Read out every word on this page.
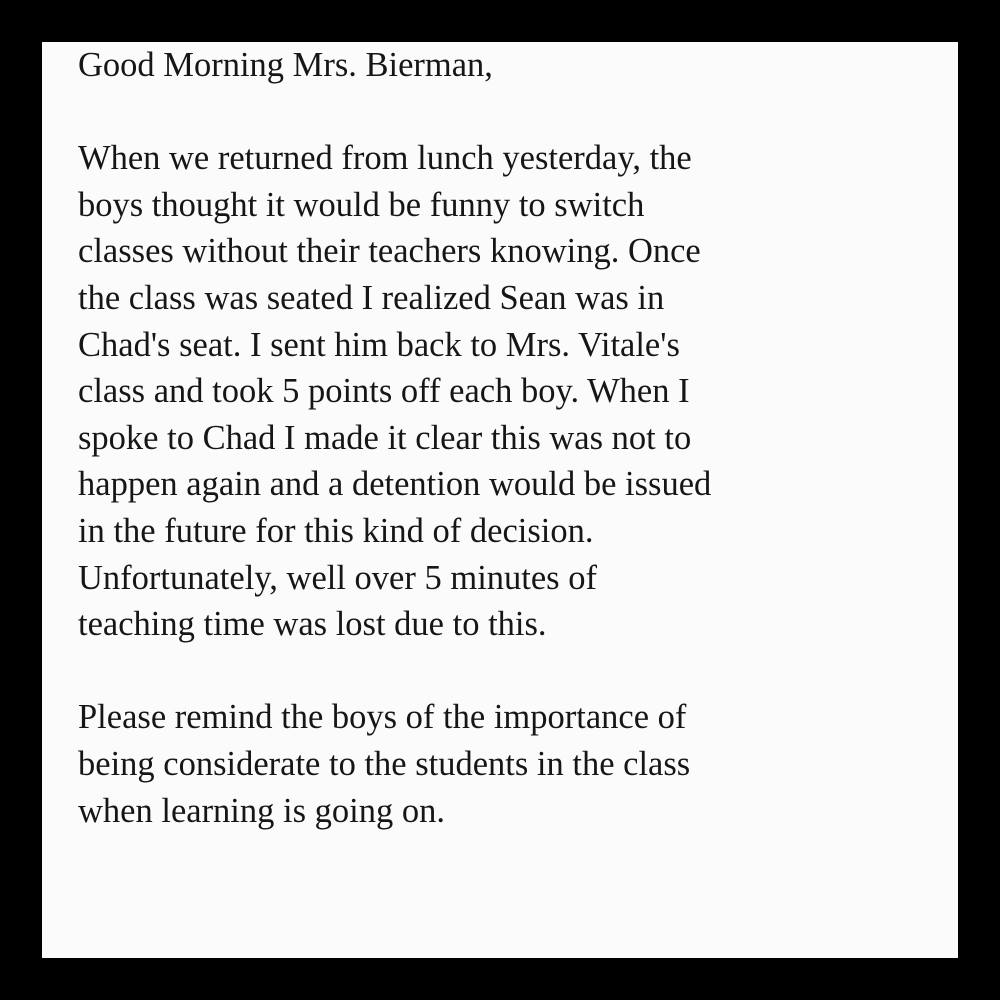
Good Morning Mrs. Bierman,
When we returned from lunch yesterday, the
boys thought it would be funny to switch
classes without their teachers knowing. Once
the class was seated I realized Sean was in
Chad's seat. I sent him back to Mrs. Vitale's
class and took 5 points off each boy. When I
spoke to Chad I made it clear this was not to
happen again and a detention would be issued
in the future for this kind of decision.
Unfortunately, well over 5 minutes of
teaching time was lost due to this.
Please remind the boys of the importance of
being considerate to the students in the class
when learning is going on.
